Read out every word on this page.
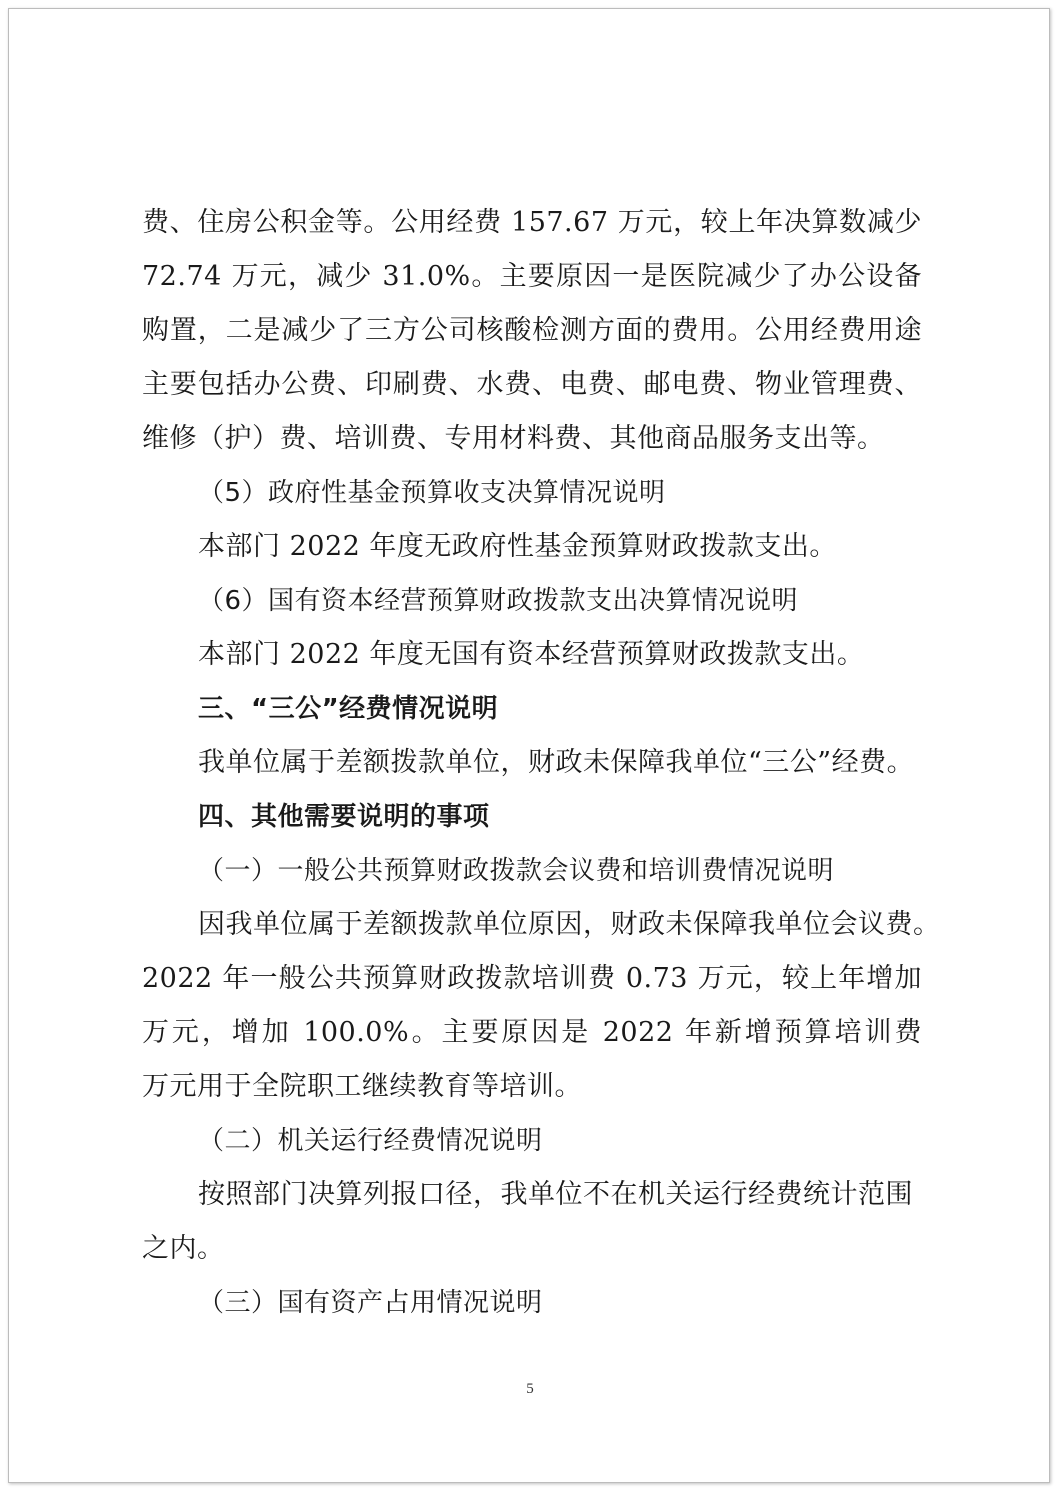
费、住房公积金等。公用经费 157.67 万元，较上年决算数减少
72.74 万元，减少 31.0%。主要原因一是医院减少了办公设备
购置，二是减少了三方公司核酸检测方面的费用。公用经费用途
主要包括办公费、印刷费、水费、电费、邮电费、物业管理费、
维修（护）费、培训费、专用材料费、其他商品服务支出等。
（5）政府性基金预算收支决算情况说明
本部门 2022 年度无政府性基金预算财政拨款支出。
（6）国有资本经营预算财政拨款支出决算情况说明
本部门 2022 年度无国有资本经营预算财政拨款支出。
三、“三公”经费情况说明
我单位属于差额拨款单位，财政未保障我单位“三公”经费。
四、其他需要说明的事项
（一）一般公共预算财政拨款会议费和培训费情况说明
因我单位属于差额拨款单位原因，财政未保障我单位会议费。
2022 年一般公共预算财政拨款培训费 0.73 万元，较上年增加
万元，增加 100.0%。主要原因是 2022 年新增预算培训费
万元用于全院职工继续教育等培训。
（二）机关运行经费情况说明
按照部门决算列报口径，我单位不在机关运行经费统计范围
之内。
（三）国有资产占用情况说明
5
